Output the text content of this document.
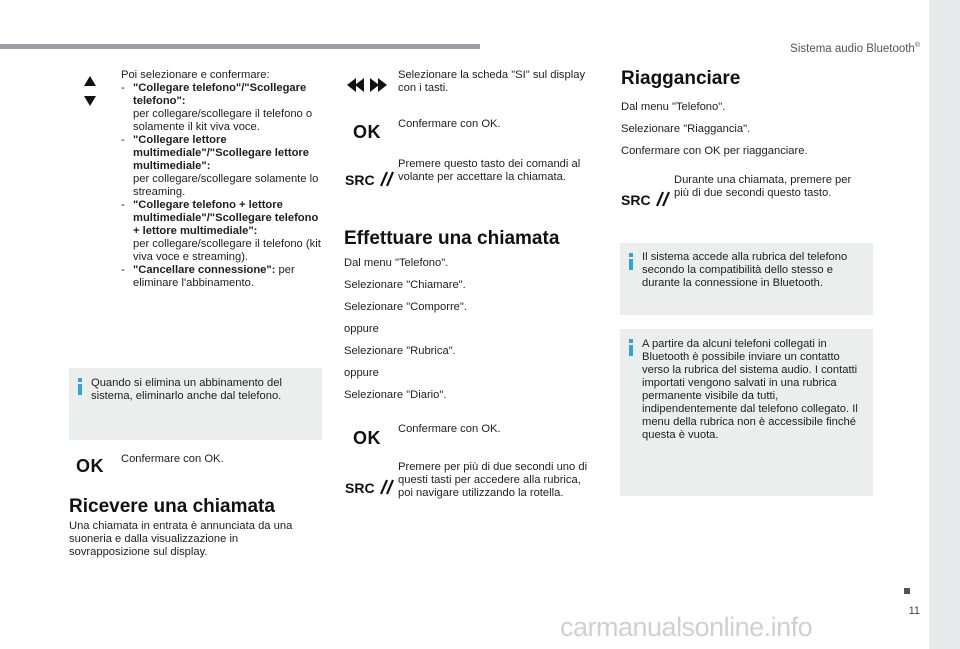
Sistema audio Bluetooth®
11
carmanualsonline.info

Poi selezionare e confermare:

- "Collegare telefono"/"Scollegare telefono":
per collegare/scollegare il telefono o solamente il kit viva voce.
- "Collegare lettore multimediale"/"Scollegare lettore multimediale":
per collegare/scollegare solamente lo streaming.
- "Collegare telefono + lettore multimediale"/"Scollegare telefono + lettore multimediale":
per collegare/scollegare il telefono (kit viva voce e streaming).
- "Cancellare connessione": per eliminare l'abbinamento.

Quando si elimina un abbinamento del sistema, eliminarlo anche dal telefono.

OK Confermare con OK.

Ricevere una chiamata

Una chiamata in entrata è annunciata da una suoneria e dalla visualizzazione in sovrapposizione sul display.

Selezionare la scheda "SI" sul display con i tasti.

OK Confermare con OK.

SRC

Premere questo tasto dei comandi al volante per accettare la chiamata.

Effettuare una chiamata

Dal menu "Telefono".

Selezionare "Chiamare".

Selezionare "Comporre".

oppure

Selezionare "Rubrica".

oppure

Selezionare "Diario".

OK Confermare con OK.

SRC

Premere per più di due secondi uno di questi tasti per accedere alla rubrica, poi navigare utilizzando la rotella.

Riagganciare

Dal menu "Telefono".

Selezionare "Riaggancia".

Confermare con OK per riagganciare.

SRC

Durante una chiamata, premere per più di due secondi questo tasto.

Il sistema accede alla rubrica del telefono secondo la compatibilità dello stesso e durante la connessione in Bluetooth.

A partire da alcuni telefoni collegati in Bluetooth è possibile inviare un contatto verso la rubrica del sistema audio. I contatti importati vengono salvati in una rubrica permanente visibile da tutti, indipendentemente dal telefono collegato. Il menu della rubrica non è accessibile finché questa è vuota.
